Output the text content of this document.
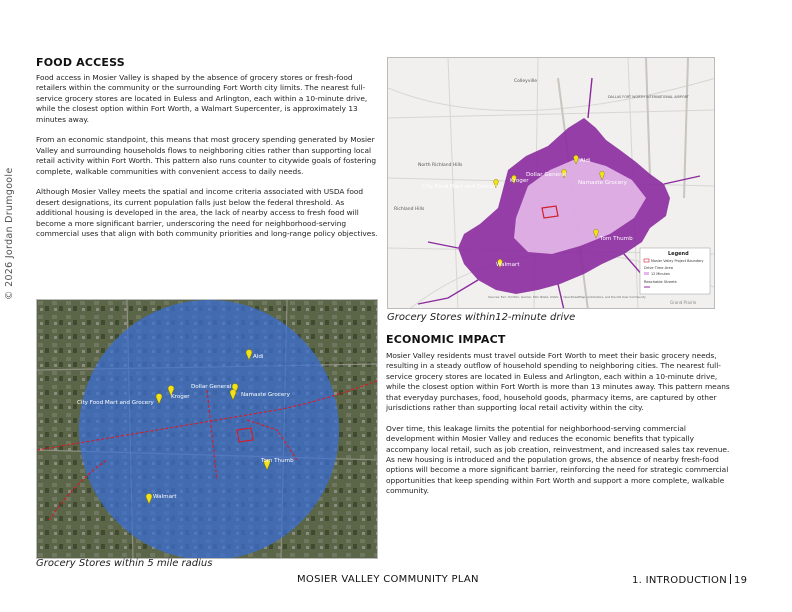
© 2026 Jordan Drumgoole
FOOD ACCESS

Food access in Mosier Valley is shaped by the absence of grocery stores or fresh-food retailers within the community or the surrounding Fort Worth city limits. The nearest full-service grocery stores are located in Euless and Arlington, each within a 10-minute drive, while the closest option within Fort Worth, a Walmart Supercenter, is approximately 13 minutes away.

From an economic standpoint, this means that most grocery spending generated by Mosier Valley and surrounding households flows to neighboring cities rather than supporting local retail activity within Fort Worth. This pattern also runs counter to citywide goals of fostering complete, walkable communities with convenient access to daily needs.

Although Mosier Valley meets the spatial and income criteria associated with USDA food desert designations, its current population falls just below the federal threshold. As additional housing is developed in the area, the lack of nearby access to fresh food will become a more significant barrier, underscoring the need for neighborhood-serving commercial uses that align with both community priorities and long-range policy objectives.

Colleyville
North Richland Hills
Richland Hills
DALLAS FORT WORTH INTERNATIONAL AIRPORT
Aldi
Kroger
Dollar General
Namaste Grocery
City Food Mart and Grocery
Tom Thumb
Walmart
Legend
Mosier Valley Project Boundary
Drive Time Area
12 Minutes
Reachable Streets
Sources: Esri, TomTom, Garmin, FAO, NOAA, USGS, © OpenStreetMap contributors, and the GIS User Community
Grand Prairie
Grocery Stores within12-minute drive
ECONOMIC IMPACT

Mosier Valley residents must travel outside Fort Worth to meet their basic grocery needs, resulting in a steady outflow of household spending to neighboring cities. The nearest full-service grocery stores are located in Euless and Arlington, each within a 10-minute drive, while the closest option within Fort Worth is more than 13 minutes away. This pattern means that everyday purchases, food, household goods, pharmacy items, are captured by other jurisdictions rather than supporting local retail activity within the city.

Over time, this leakage limits the potential for neighborhood-serving commercial development within Mosier Valley and reduces the economic benefits that typically accompany local retail, such as job creation, reinvestment, and increased sales tax revenue. As new housing is introduced and the population grows, the absence of nearby fresh-food options will become a more significant barrier, reinforcing the need for strategic commercial opportunities that keep spending within Fort Worth and support a more complete, walkable community.

Aldi
Kroger
Dollar General
Namaste Grocery
City Food Mart and Grocery
Tom Thumb
Walmart
Grocery Stores within 5 mile radius
MOSIER VALLEY COMMUNITY PLAN	1. INTRODUCTION 19
